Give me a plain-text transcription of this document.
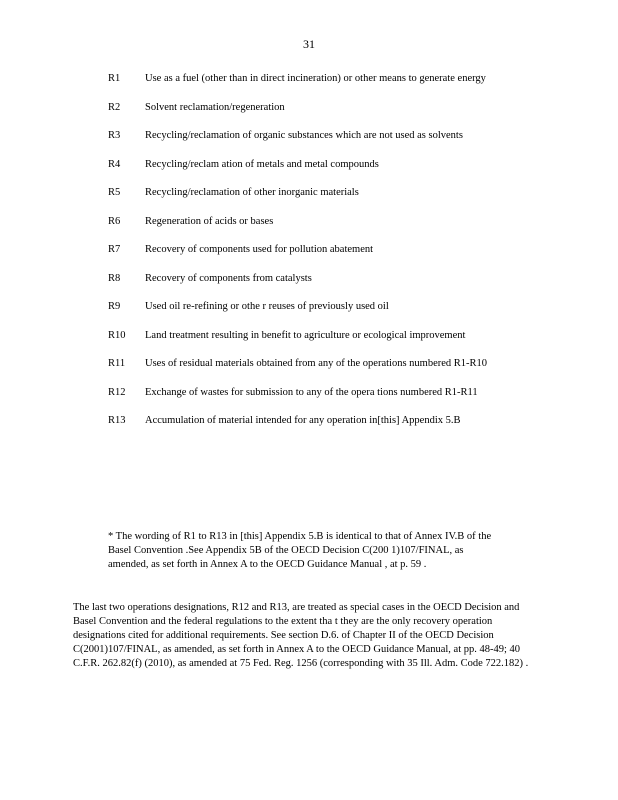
31
R1	Use as a fuel (other than in direct incineration) or other means to generate energy
R2	Solvent reclamation/regeneration
R3	Recycling/reclamation of organic substances which are not used as solvents
R4	Recycling/reclam ation of metals and metal compounds
R5	Recycling/reclamation of other inorganic materials
R6	Regeneration of acids or bases
R7	Recovery of components used for pollution abatement
R8	Recovery of components from catalysts
R9	Used oil re-refining or othe r reuses of previously used oil
R10	Land treatment resulting in benefit to agriculture or ecological improvement
R11	Uses of residual materials obtained from any of the operations numbered R1-R10
R12	Exchange of wastes for submission to any of the opera tions numbered R1-R11
R13	Accumulation of material intended for any operation in[this] Appendix 5.B

* The wording of R1 to R13 in [this] Appendix 5.B is identical to that of Annex IV.B of the Basel Convention .See Appendix 5B of the OECD Decision C(200 1)107/FINAL, as amended, as set forth in Annex A to the OECD Guidance Manual , at p. 59 .

The last two operations designations, R12 and R13, are treated as special cases in the OECD Decision and Basel Convention and the federal regulations to the extent tha t they are the only recovery operation designations cited for additional requirements. See section D.6. of Chapter II of the OECD Decision C(2001)107/FINAL, as amended, as set forth in Annex A to the OECD Guidance Manual, at pp. 48-49; 40 C.F.R. 262.82(f) (2010), as amended at 75 Fed. Reg. 1256 (corresponding with 35 Ill. Adm. Code 722.182) .
